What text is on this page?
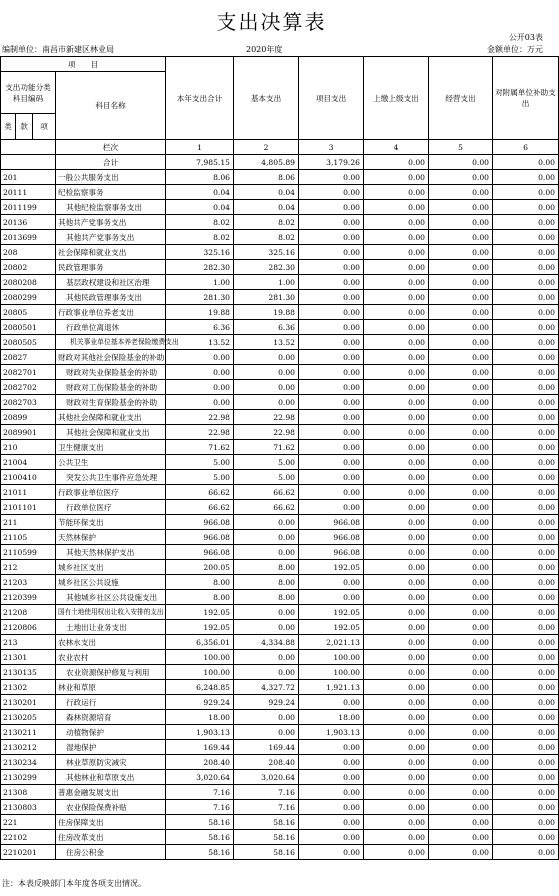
支出决算表
公开03表
编制单位：南昌市新建区林业局	2020年度	金额单位：万元
项　　目				本年支出合计	基本支出	项目支出	上缴上级支出	经营支出	对附属单位补助支出
支出功能分类科目编码			科目名称						
类	款	项							
			栏次	1	2	3	4	5	6
			合计	7,985.15	4,805.89	3,179.26	0.00	0.00	0.00
201			一般公共服务支出	8.06	8.06	0.00	0.00	0.00	0.00
20111			纪检监察事务	0.04	0.04	0.00	0.00	0.00	0.00
2011199			其他纪检监察事务支出	0.04	0.04	0.00	0.00	0.00	0.00
20136			其他共产党事务支出	8.02	8.02	0.00	0.00	0.00	0.00
2013699			其他共产党事务支出	8.02	8.02	0.00	0.00	0.00	0.00
208			社会保障和就业支出	325.16	325.16	0.00	0.00	0.00	0.00
20802			民政管理事务	282.30	282.30	0.00	0.00	0.00	0.00
2080208			基层政权建设和社区治理	1.00	1.00	0.00	0.00	0.00	0.00
2080299			其他民政管理事务支出	281.30	281.30	0.00	0.00	0.00	0.00
20805			行政事业单位养老支出	19.88	19.88	0.00	0.00	0.00	0.00
2080501			行政单位离退休	6.36	6.36	0.00	0.00	0.00	0.00
2080505			机关事业单位基本养老保险缴费支出	13.52	13.52	0.00	0.00	0.00	0.00
20827			财政对其他社会保险基金的补助	0.00	0.00	0.00	0.00	0.00	0.00
2082701			财政对失业保险基金的补助	0.00	0.00	0.00	0.00	0.00	0.00
2082702			财政对工伤保险基金的补助	0.00	0.00	0.00	0.00	0.00	0.00
2082703			财政对生育保险基金的补助	0.00	0.00	0.00	0.00	0.00	0.00
20899			其他社会保障和就业支出	22.98	22.98	0.00	0.00	0.00	0.00
2089901			其他社会保障和就业支出	22.98	22.98	0.00	0.00	0.00	0.00
210			卫生健康支出	71.62	71.62	0.00	0.00	0.00	0.00
21004			公共卫生	5.00	5.00	0.00	0.00	0.00	0.00
2100410			突发公共卫生事件应急处理	5.00	5.00	0.00	0.00	0.00	0.00
21011			行政事业单位医疗	66.62	66.62	0.00	0.00	0.00	0.00
2101101			行政单位医疗	66.62	66.62	0.00	0.00	0.00	0.00
211			节能环保支出	966.08	0.00	966.08	0.00	0.00	0.00
21105			天然林保护	966.08	0.00	966.08	0.00	0.00	0.00
2110599			其他天然林保护支出	966.08	0.00	966.08	0.00	0.00	0.00
212			城乡社区支出	200.05	8.00	192.05	0.00	0.00	0.00
21203			城乡社区公共设施	8.00	8.00	0.00	0.00	0.00	0.00
2120399			其他城乡社区公共设施支出	8.00	8.00	0.00	0.00	0.00	0.00
21208			国有土地使用权出让收入安排的支出	192.05	0.00	192.05	0.00	0.00	0.00
2120806			土地出让业务支出	192.05	0.00	192.05	0.00	0.00	0.00
213			农林水支出	6,356.01	4,334.88	2,021.13	0.00	0.00	0.00
21301			农业农村	100.00	0.00	100.00	0.00	0.00	0.00
2130135			农业资源保护修复与利用	100.00	0.00	100.00	0.00	0.00	0.00
21302			林业和草原	6,248.85	4,327.72	1,921.13	0.00	0.00	0.00
2130201			行政运行	929.24	929.24	0.00	0.00	0.00	0.00
2130205			森林资源培育	18.00	0.00	18.00	0.00	0.00	0.00
2130211			动植物保护	1,903.13	0.00	1,903.13	0.00	0.00	0.00
2130212			湿地保护	169.44	169.44	0.00	0.00	0.00	0.00
2130234			林业草原防灾减灾	208.40	208.40	0.00	0.00	0.00	0.00
2130299			其他林业和草原支出	3,020.64	3,020.64	0.00	0.00	0.00	0.00
21308			普惠金融发展支出	7.16	7.16	0.00	0.00	0.00	0.00
2130803			农业保险保费补贴	7.16	7.16	0.00	0.00	0.00	0.00
221			住房保障支出	58.16	58.16	0.00	0.00	0.00	0.00
22102			住房改革支出	58.16	58.16	0.00	0.00	0.00	0.00
2210201			住房公积金	58.16	58.16	0.00	0.00	0.00	0.00
注：本表反映部门本年度各项支出情况。
